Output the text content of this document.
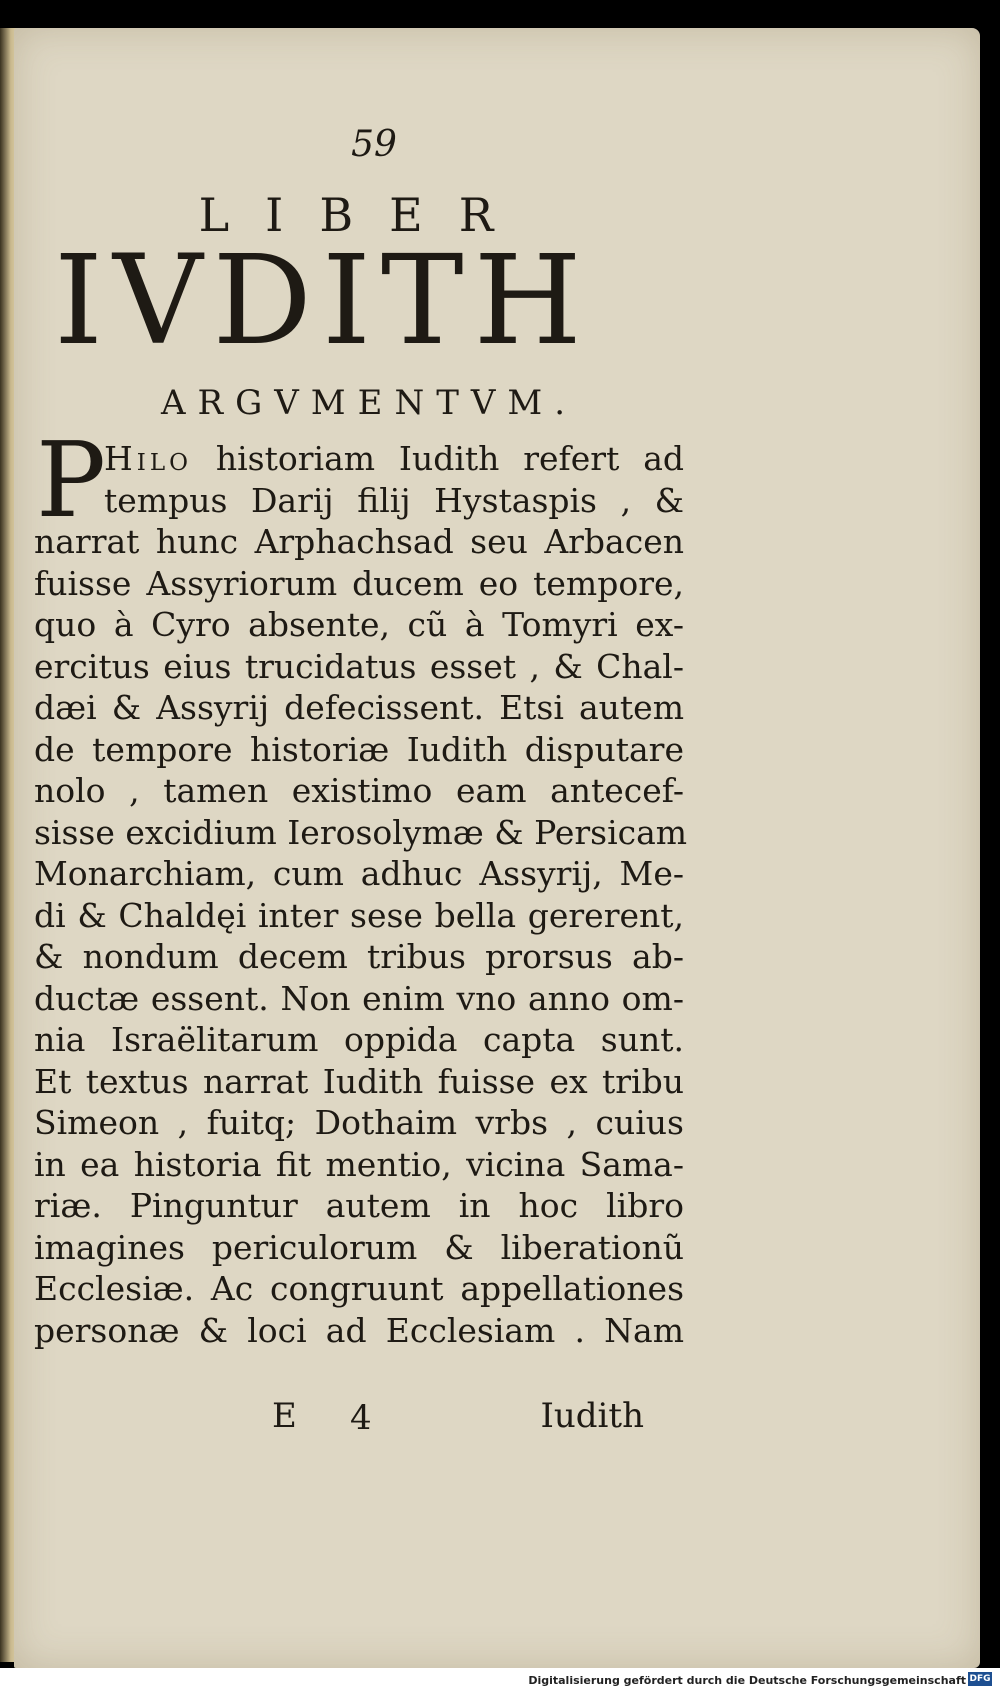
59
LIBER
IVDITH
ARGVMENTVM.
P
Hilo historiam Iudith refert ad
tempus Darij filij Hystaspis , &
narrat hunc Arphachsad seu Arbacen
fuisse Assyriorum ducem eo tempore,
quo à Cyro absente, cũ à Tomyri ex-
ercitus eius trucidatus esset , & Chal-
dæi & Assyrij defecissent. Etsi autem
de tempore historiæ Iudith disputare
nolo , tamen existimo eam antecef-
sisse excidium Ierosolymæ & Persicam
Monarchiam, cum adhuc Assyrij, Me-
di & Chaldęi inter sese bella gererent,
& nondum decem tribus prorsus ab-
ductæ essent. Non enim vno anno om-
nia Israëlitarum oppida capta sunt.
Et textus narrat Iudith fuisse ex tribu
Simeon , fuitq; Dothaim vrbs , cuius
in ea historia fit mentio, vicina Sama-
riæ. Pinguntur autem in hoc libro
imagines periculorum & liberationũ
Ecclesiæ. Ac congruunt appellationes
personæ & loci ad Ecclesiam . Nam
E 4	Iudith
Digitalisierung gefördert durch die Deutsche Forschungsgemeinschaft DFG
